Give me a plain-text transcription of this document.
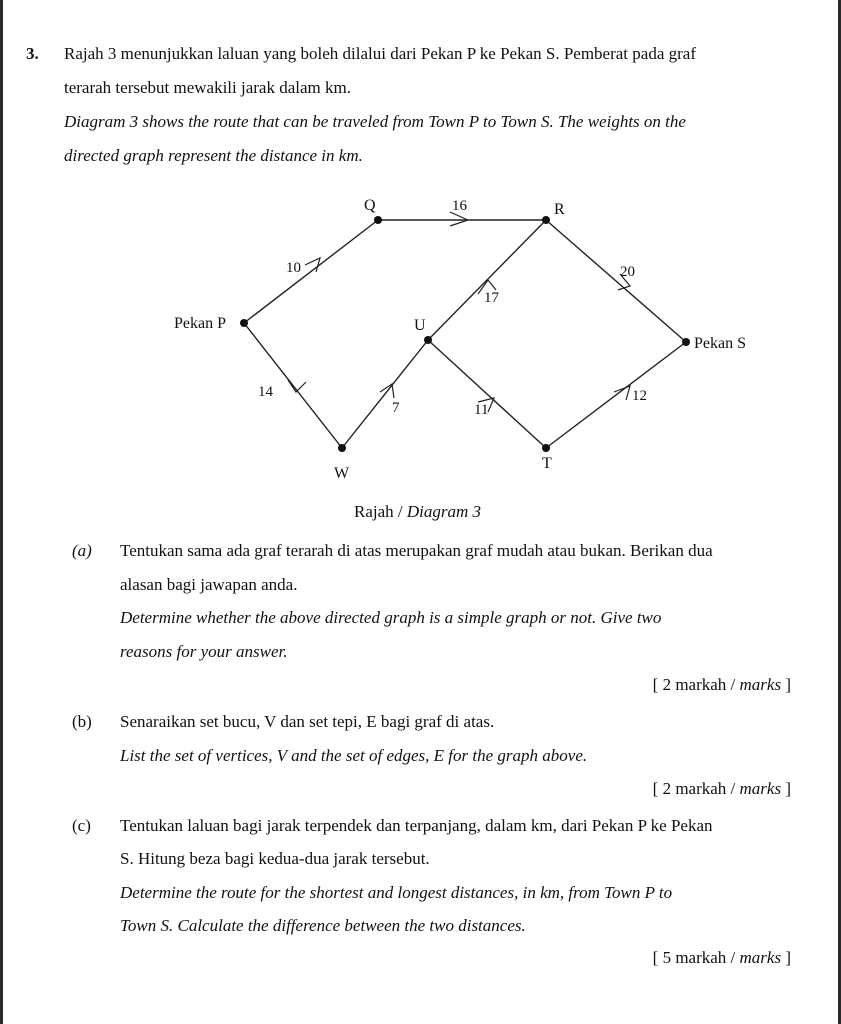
3. Rajah 3 menunjukkan laluan yang boleh dilalui dari Pekan P ke Pekan S. Pemberat pada graf
terarah tersebut mewakili jarak dalam km.
Diagram 3 shows the route that can be traveled from Town P to Town S. The weights on the
directed graph represent the distance in km.
Pekan P
Q	R
U
W
T
Pekan S
10
16
17
20
14
7	11
12
Rajah / Diagram 3
(a) Tentukan sama ada graf terarah di atas merupakan graf mudah atau bukan. Berikan dua
alasan bagi jawapan anda.
Determine whether the above directed graph is a simple graph or not. Give two
reasons for your answer.
[ 2 markah / marks ]
(b) Senaraikan set bucu, V dan set tepi, E bagi graf di atas.
List the set of vertices, V and the set of edges, E for the graph above.
[ 2 markah / marks ]
(c) Tentukan laluan bagi jarak terpendek dan terpanjang, dalam km, dari Pekan P ke Pekan
S. Hitung beza bagi kedua-dua jarak tersebut.
Determine the route for the shortest and longest distances, in km, from Town P to
Town S. Calculate the difference between the two distances.
[ 5 markah / marks ]
